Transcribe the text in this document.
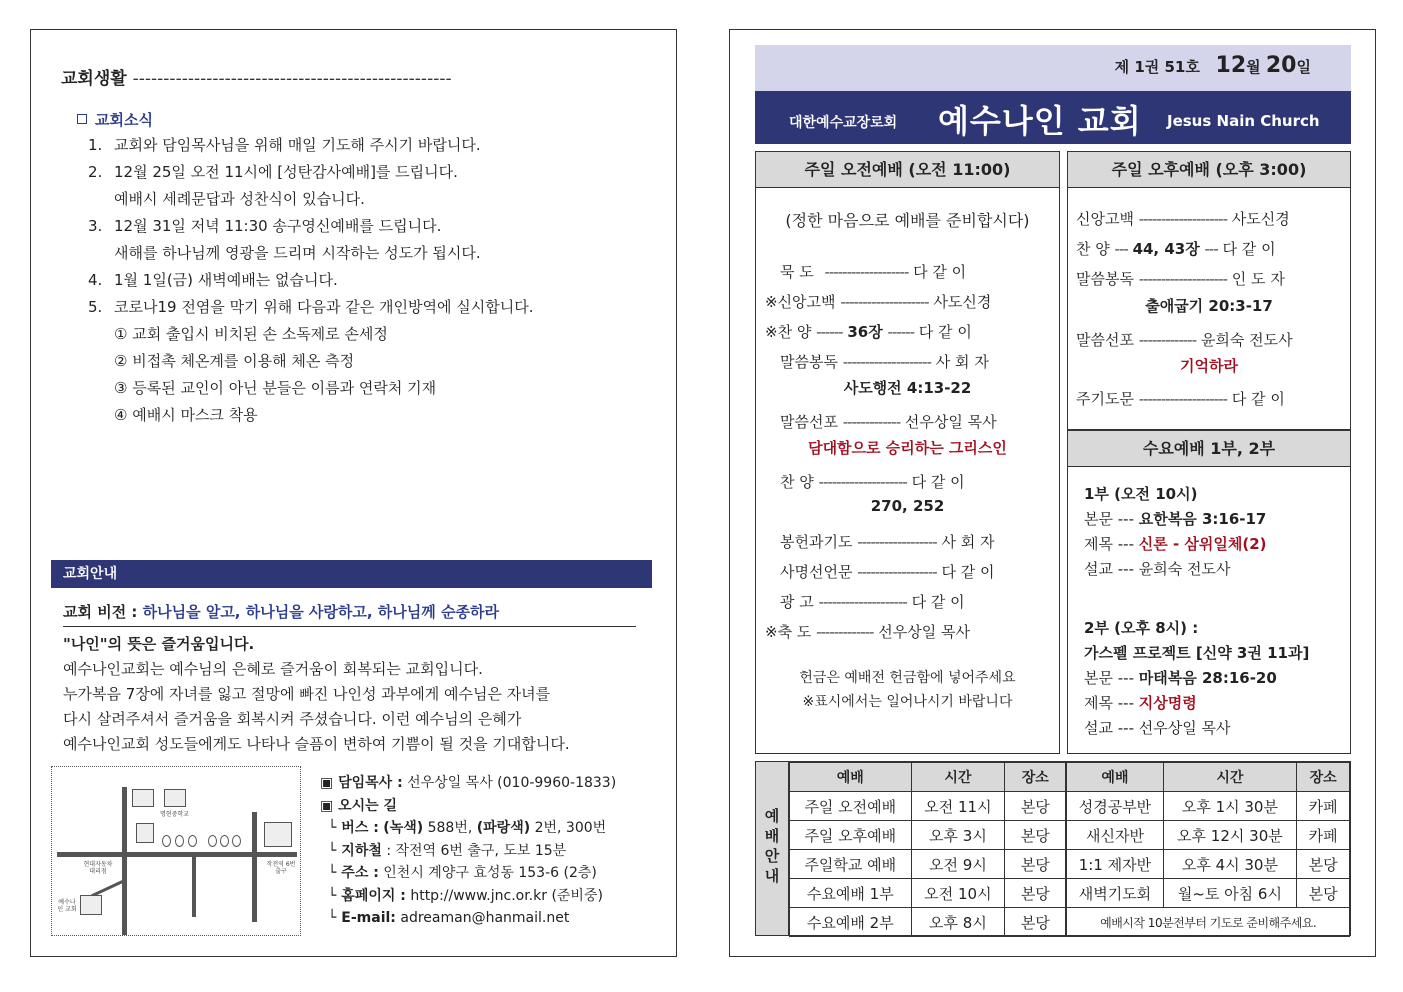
교회생활 ----------------------------------------------------
교회소식
1. 교회와 담임목사님을 위해 매일 기도해 주시기 바랍니다.
2. 12월 25일 오전 11시에 [성탄감사예배]를 드립니다.
예배시 세례문답과 성찬식이 있습니다.
3. 12월 31일 저녁 11:30 송구영신예배를 드립니다.
새해를 하나님께 영광을 드리며 시작하는 성도가 됩시다.
4. 1월 1일(금) 새벽예배는 없습니다.
5. 코로나19 전염을 막기 위해 다음과 같은 개인방역에 실시합니다.
① 교회 출입시 비치된 손 소독제로 손세정
② 비접촉 체온계를 이용해 체온 측정
③ 등록된 교인이 아닌 분들은 이름과 연락처 기재
④ 예배시 마스크 착용
교회안내
교회 비전 : 하나님을 알고, 하나님을 사랑하고, 하나님께 순종하라
"나인"의 뜻은 즐거움입니다.
예수나인교회는 예수님의 은혜로 즐거움이 회복되는 교회입니다.
누가복음 7장에 자녀를 잃고 절망에 빠진 나인성 과부에게 예수님은 자녀를
다시 살려주셔서 즐거움을 회복시켜 주셨습니다. 이런 예수님의 은혜가
예수나인교회 성도들에게도 나타나 슬픔이 변하여 기쁨이 될 것을 기대합니다.
명현중학교
현대자동차 대리점
작전역 6번 출구
예수나인 교회
▣ 담임목사 : 선우상일 목사 (010-9960-1833)
▣ 오시는 길
└ 버스 : (녹색) 588번, (파랑색) 2번, 300번
└ 지하철 : 작전역 6번 출구, 도보 15분
└ 주소 : 인천시 계양구 효성동 153-6 (2층)
└ 홈페이지 : http://www.jnc.or.kr (준비중)
└ E-mail: adreaman@hanmail.net
제 1권 51호 12월 20일
대한예수교장로회 예수나인 교회 Jesus Nain Church
주일 오전예배 (오전 11:00)
(정한 마음으로 예배를 준비합시다)
묵 도 ------------------- 다 같 이
※신앙고백 -------------------- 사도신경
※찬 양 ------ 36장 ------ 다 같 이
말씀봉독 -------------------- 사 회 자
사도행전 4:13-22
말씀선포 ------------- 선우상일 목사
담대함으로 승리하는 그리스인
찬 양 -------------------- 다 같 이
270, 252
봉헌과기도 ------------------ 사 회 자
사명선언문 ------------------ 다 같 이
광 고 -------------------- 다 같 이
※축 도 ------------- 선우상일 목사
헌금은 예배전 헌금함에 넣어주세요
※표시에서는 일어나시기 바랍니다
주일 오후예배 (오후 3:00)
신앙고백 -------------------- 사도신경
찬 양 --- 44, 43장 --- 다 같 이
말씀봉독 -------------------- 인 도 자
출애굽기 20:3-17
말씀선포 ------------- 윤희숙 전도사
기억하라
주기도문 -------------------- 다 같 이
수요예배 1부, 2부
1부 (오전 10시)
본문 --- 요한복음 3:16-17
제목 --- 신론 - 삼위일체(2)
설교 --- 윤희숙 전도사
2부 (오후 8시) :
가스펠 프로젝트 [신약 3권 11과]
본문 --- 마태복음 28:16-20
제목 --- 지상명령
설교 --- 선우상일 목사
예
배
안
내
예배	시간	장소	예배	시간	장소
주일 오전예배	오전 11시	본당	성경공부반	오후 1시 30분	카페
주일 오후예배	오후 3시	본당	새신자반	오후 12시 30분	카페
주일학교 예배	오전 9시	본당	1:1 제자반	오후 4시 30분	본당
수요예배 1부	오전 10시	본당	새벽기도회	월~토 아침 6시	본당
수요예배 2부	오후 8시	본당	예배시작 10분전부터 기도로 준비해주세요.		
